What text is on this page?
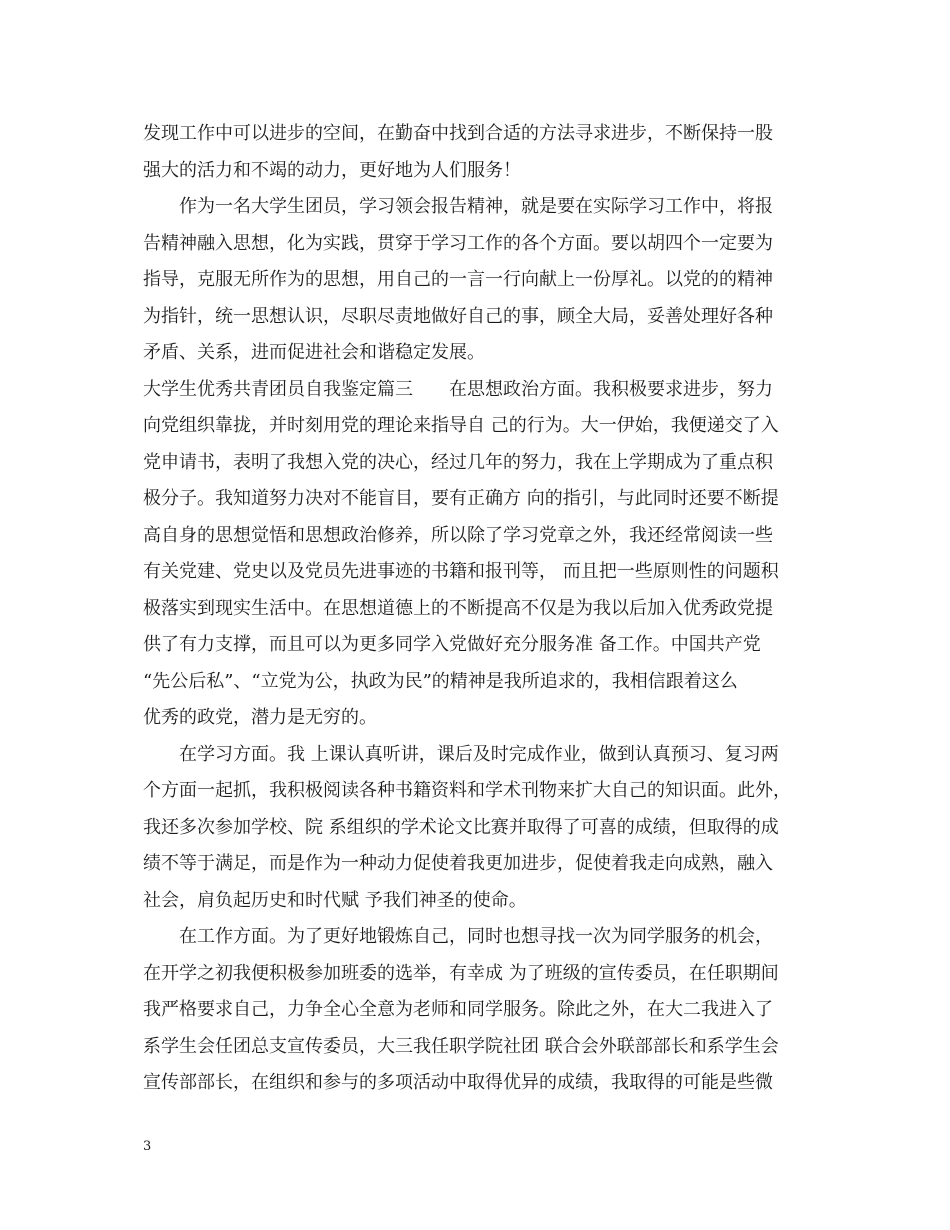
发现工作中可以进步的空间，在勤奋中找到合适的方法寻求进步，不断保持一股
强大的活力和不竭的动力，更好地为人们服务！
　　作为一名大学生团员，学习领会报告精神，就是要在实际学习工作中，将报
告精神融入思想，化为实践，贯穿于学习工作的各个方面。要以胡四个一定要为
指导，克服无所作为的思想，用自己的一言一行向献上一份厚礼。以党的的精神
为指针，统一思想认识，尽职尽责地做好自己的事，顾全大局，妥善处理好各种
矛盾、关系，进而促进社会和谐稳定发展。
大学生优秀共青团员自我鉴定篇三　　在思想政治方面。我积极要求进步，努力
向党组织靠拢，并时刻用党的理论来指导自 己的行为。大一伊始，我便递交了入
党申请书，表明了我想入党的决心，经过几年的努力，我在上学期成为了重点积
极分子。我知道努力决对不能盲目，要有正确方 向的指引，与此同时还要不断提
高自身的思想觉悟和思想政治修养，所以除了学习党章之外，我还经常阅读一些
有关党建、党史以及党员先进事迹的书籍和报刊等， 而且把一些原则性的问题积
极落实到现实生活中。在思想道德上的不断提高不仅是为我以后加入优秀政党提
供了有力支撑，而且可以为更多同学入党做好充分服务准 备工作。中国共产党
“先公后私”、“立党为公，执政为民”的精神是我所追求的，我相信跟着这么
优秀的政党，潜力是无穷的。
　　在学习方面。我 上课认真听讲，课后及时完成作业，做到认真预习、复习两
个方面一起抓，我积极阅读各种书籍资料和学术刊物来扩大自己的知识面。此外，
我还多次参加学校、院 系组织的学术论文比赛并取得了可喜的成绩，但取得的成
绩不等于满足，而是作为一种动力促使着我更加进步，促使着我走向成熟，融入
社会，肩负起历史和时代赋 予我们神圣的使命。
　　在工作方面。为了更好地锻炼自己，同时也想寻找一次为同学服务的机会，
在开学之初我便积极参加班委的选举，有幸成 为了班级的宣传委员，在任职期间
我严格要求自己，力争全心全意为老师和同学服务。除此之外，在大二我进入了
系学生会任团总支宣传委员，大三我任职学院社团 联合会外联部部长和系学生会
宣传部部长，在组织和参与的多项活动中取得优异的成绩，我取得的可能是些微
3
